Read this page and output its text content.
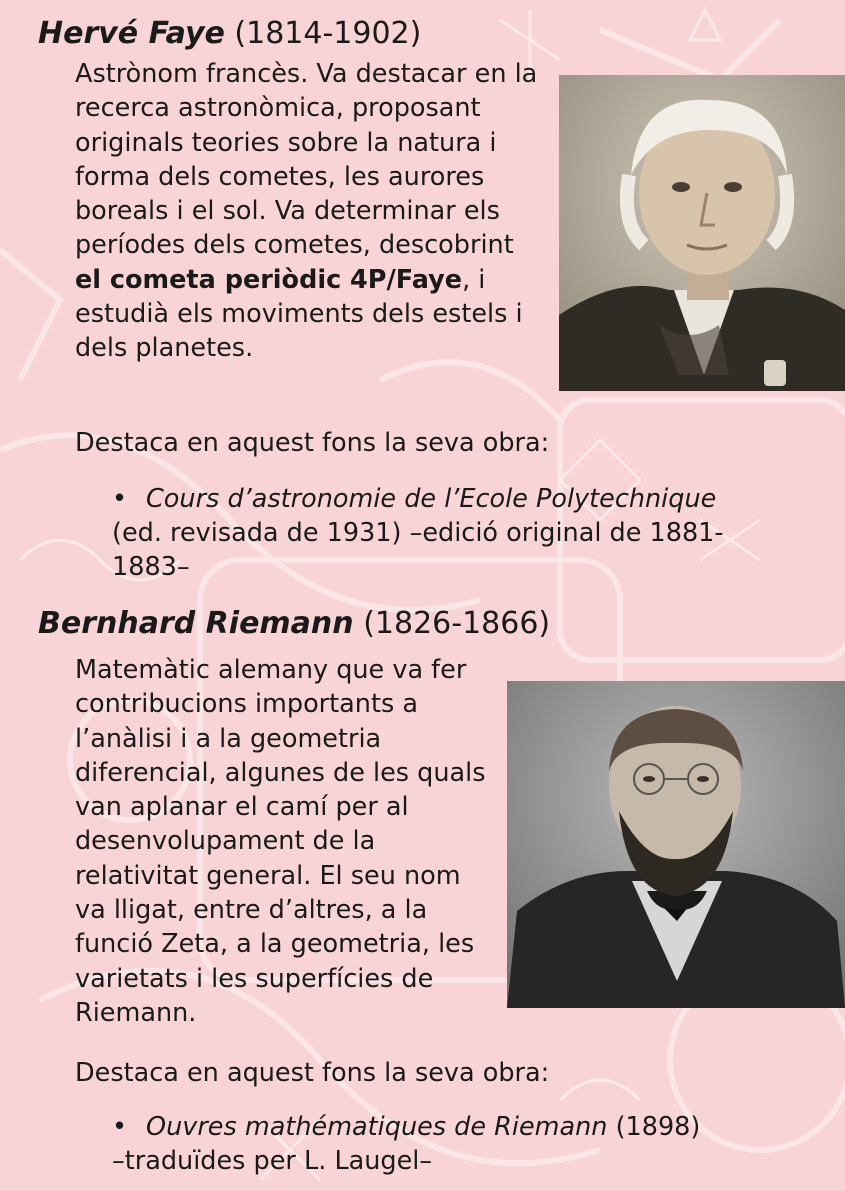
Hervé Faye (1814-1902)
Astrònom francès. Va destacar en la recerca astronòmica, proposant originals teories sobre la natura i forma dels cometes, les aurores boreals i el sol. Va determinar els períodes dels cometes, descobrint el cometa periòdic 4P/Faye, i estudià els moviments dels estels i dels planetes.
Destaca en aquest fons la seva obra:
• Cours d’astronomie de l’Ecole Polytechnique
(ed. revisada de 1931) –edició original de 1881-1883–
Bernhard Riemann (1826-1866)
Matemàtic alemany que va fer contribucions importants a l’anàlisi i a la geometria diferencial, algunes de les quals van aplanar el camí per al desenvolupament de la relativitat general. El seu nom va lligat, entre d’altres, a la funció Zeta, a la geometria, les varietats i les superfícies de Riemann.
Destaca en aquest fons la seva obra:
• Ouvres mathématiques de Riemann (1898)
–traduïdes per L. Laugel–
